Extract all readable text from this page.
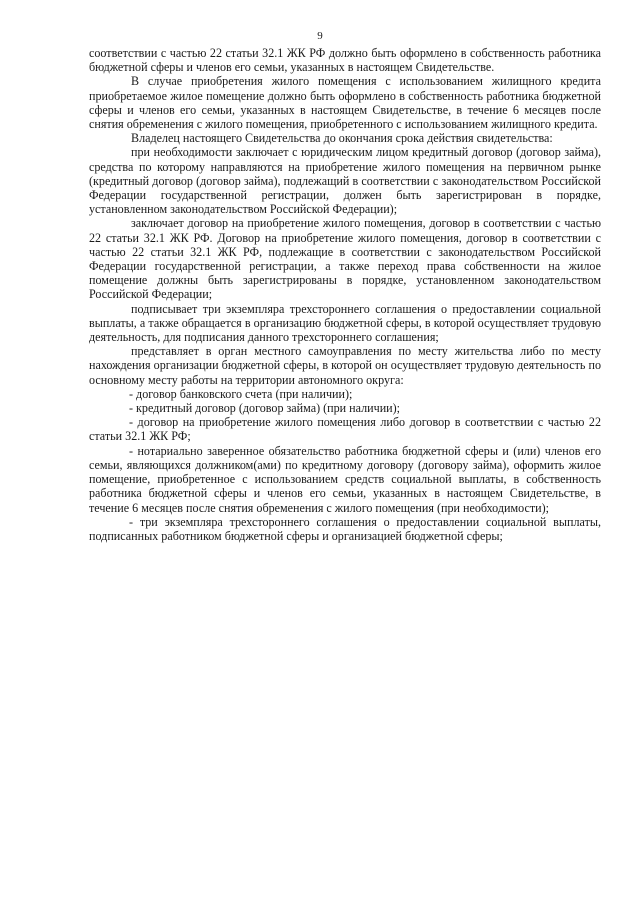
9

соответствии с частью 22 статьи 32.1 ЖК РФ должно быть оформлено в собственность работника бюджетной сферы и членов его семьи, указанных в настоящем Свидетельстве.

В случае приобретения жилого помещения с использованием жилищного кредита приобретаемое жилое помещение должно быть оформлено в собственность работника бюджетной сферы и членов его семьи, указанных в настоящем Свидетельстве, в течение 6 месяцев после снятия обременения с жилого помещения, приобретенного с использованием жилищного кредита.

Владелец настоящего Свидетельства до окончания срока действия свидетельства:

при необходимости заключает с юридическим лицом кредитный договор (договор займа), средства по которому направляются на приобретение жилого помещения на первичном рынке (кредитный договор (договор займа), подлежащий в соответствии с законодательством Российской Федерации государственной регистрации, должен быть зарегистрирован в порядке, установленном законодательством Российской Федерации);

заключает договор на приобретение жилого помещения, договор в соответствии с частью 22 статьи 32.1 ЖК РФ. Договор на приобретение жилого помещения, договор в соответствии с частью 22 статьи 32.1 ЖК РФ, подлежащие в соответствии с законодательством Российской Федерации государственной регистрации, а также переход права собственности на жилое помещение должны быть зарегистрированы в порядке, установленном законодательством Российской Федерации;

подписывает три экземпляра трехстороннего соглашения о предоставлении социальной выплаты, а также обращается в организацию бюджетной сферы, в которой осуществляет трудовую деятельность, для подписания данного трехстороннего соглашения;

представляет в орган местного самоуправления по месту жительства либо по месту нахождения организации бюджетной сферы, в которой он осуществляет трудовую деятельность по основному месту работы на территории автономного округа:

- договор банковского счета (при наличии);

- кредитный договор (договор займа) (при наличии);

- договор на приобретение жилого помещения либо договор в соответствии с частью 22 статьи 32.1 ЖК РФ;

- нотариально заверенное обязательство работника бюджетной сферы и (или) членов его семьи, являющихся должником(ами) по кредитному договору (договору займа), оформить жилое помещение, приобретенное с использованием средств социальной выплаты, в собственность работника бюджетной сферы и членов его семьи, указанных в настоящем Свидетельстве, в течение 6 месяцев после снятия обременения с жилого помещения (при необходимости);

- три экземпляра трехстороннего соглашения о предоставлении социальной выплаты, подписанных работником бюджетной сферы и организацией бюджетной сферы;
